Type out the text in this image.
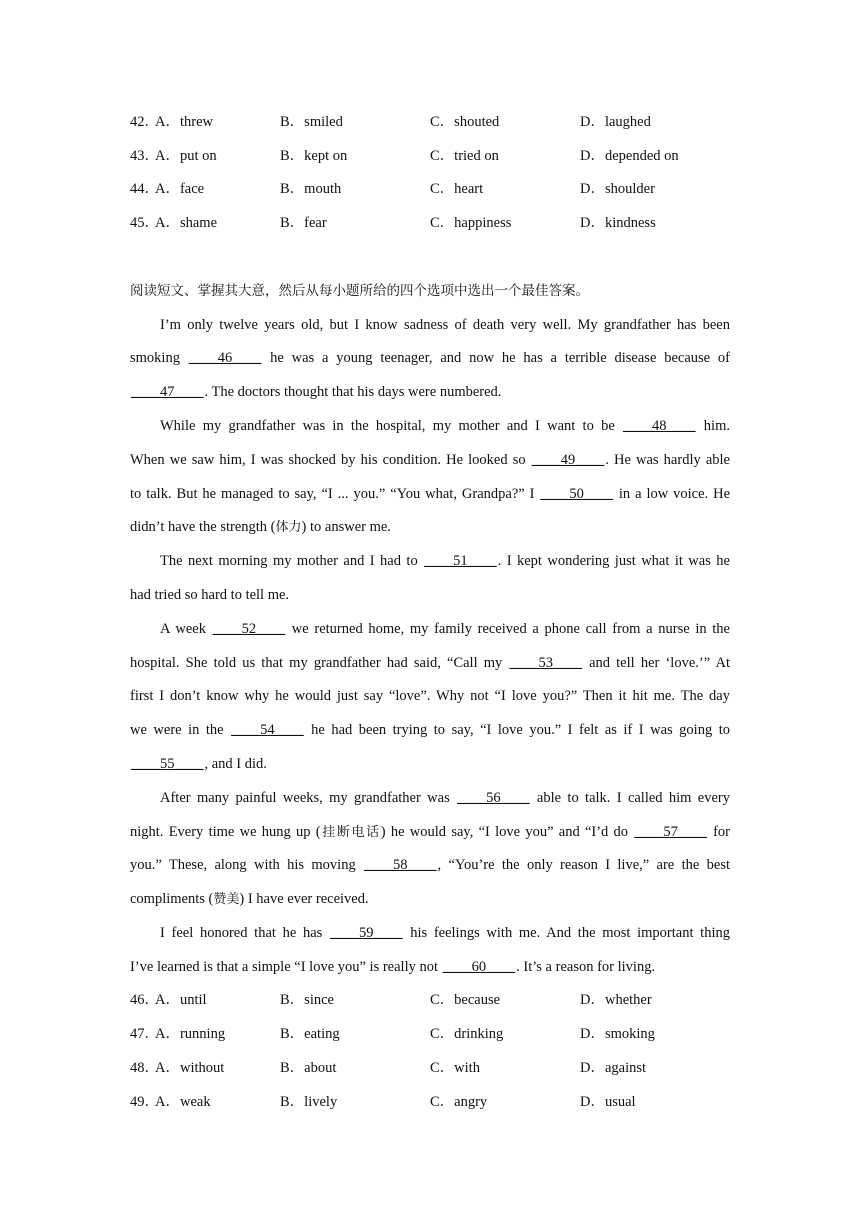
42．
A．threw	B．smiled	C．shouted	D．laughed
43．
A．put on	B．kept on	C．tried on	D．depended on
44．
A．face	B．mouth	C．heart	D．shoulder
45．
A．shame	B．fear	C．happiness	D．kindness
阅读短文、掌握其大意，然后从每小题所给的四个选项中选出一个最佳答案。
I’m only twelve years old, but I know sadness of death very well. My grandfather has been
smoking ____46____ he was a young teenager, and now he has a terrible disease because of
____47____. The doctors thought that his days were numbered.
While my grandfather was in the hospital, my mother and I want to be ____48____ him.
When we saw him, I was shocked by his condition. He looked so ____49____. He was hardly able
to talk. But he managed to say, “I ... you.” “You what, Grandpa?” I ____50____ in a low voice. He
didn’t have the strength (体力) to answer me.
The next morning my mother and I had to ____51____. I kept wondering just what it was he
had tried so hard to tell me.
A week ____52____ we returned home, my family received a phone call from a nurse in the
hospital. She told us that my grandfather had said, “Call my ____53____ and tell her ‘love.’” At
first I don’t know why he would just say “love”. Why not “I love you?” Then it hit me. The day
we were in the ____54____ he had been trying to say, “I love you.” I felt as if I was going to
____55____, and I did.
After many painful weeks, my grandfather was ____56____ able to talk. I called him every
night. Every time we hung up (挂断电话) he would say, “I love you” and “I’d do ____57____ for
you.” These, along with his moving ____58____, “You’re the only reason I live,” are the best
compliments (赞美) I have ever received.
I feel honored that he has ____59____ his feelings with me. And the most important thing
I’ve learned is that a simple “I love you” is really not ____60____. It’s a reason for living.
46．
A．until	B．since	C．because	D．whether
47．
A．running	B．eating	C．drinking	D．smoking
48．
A．without	B．about	C．with	D．against
49．
A．weak	B．lively	C．angry	D．usual
